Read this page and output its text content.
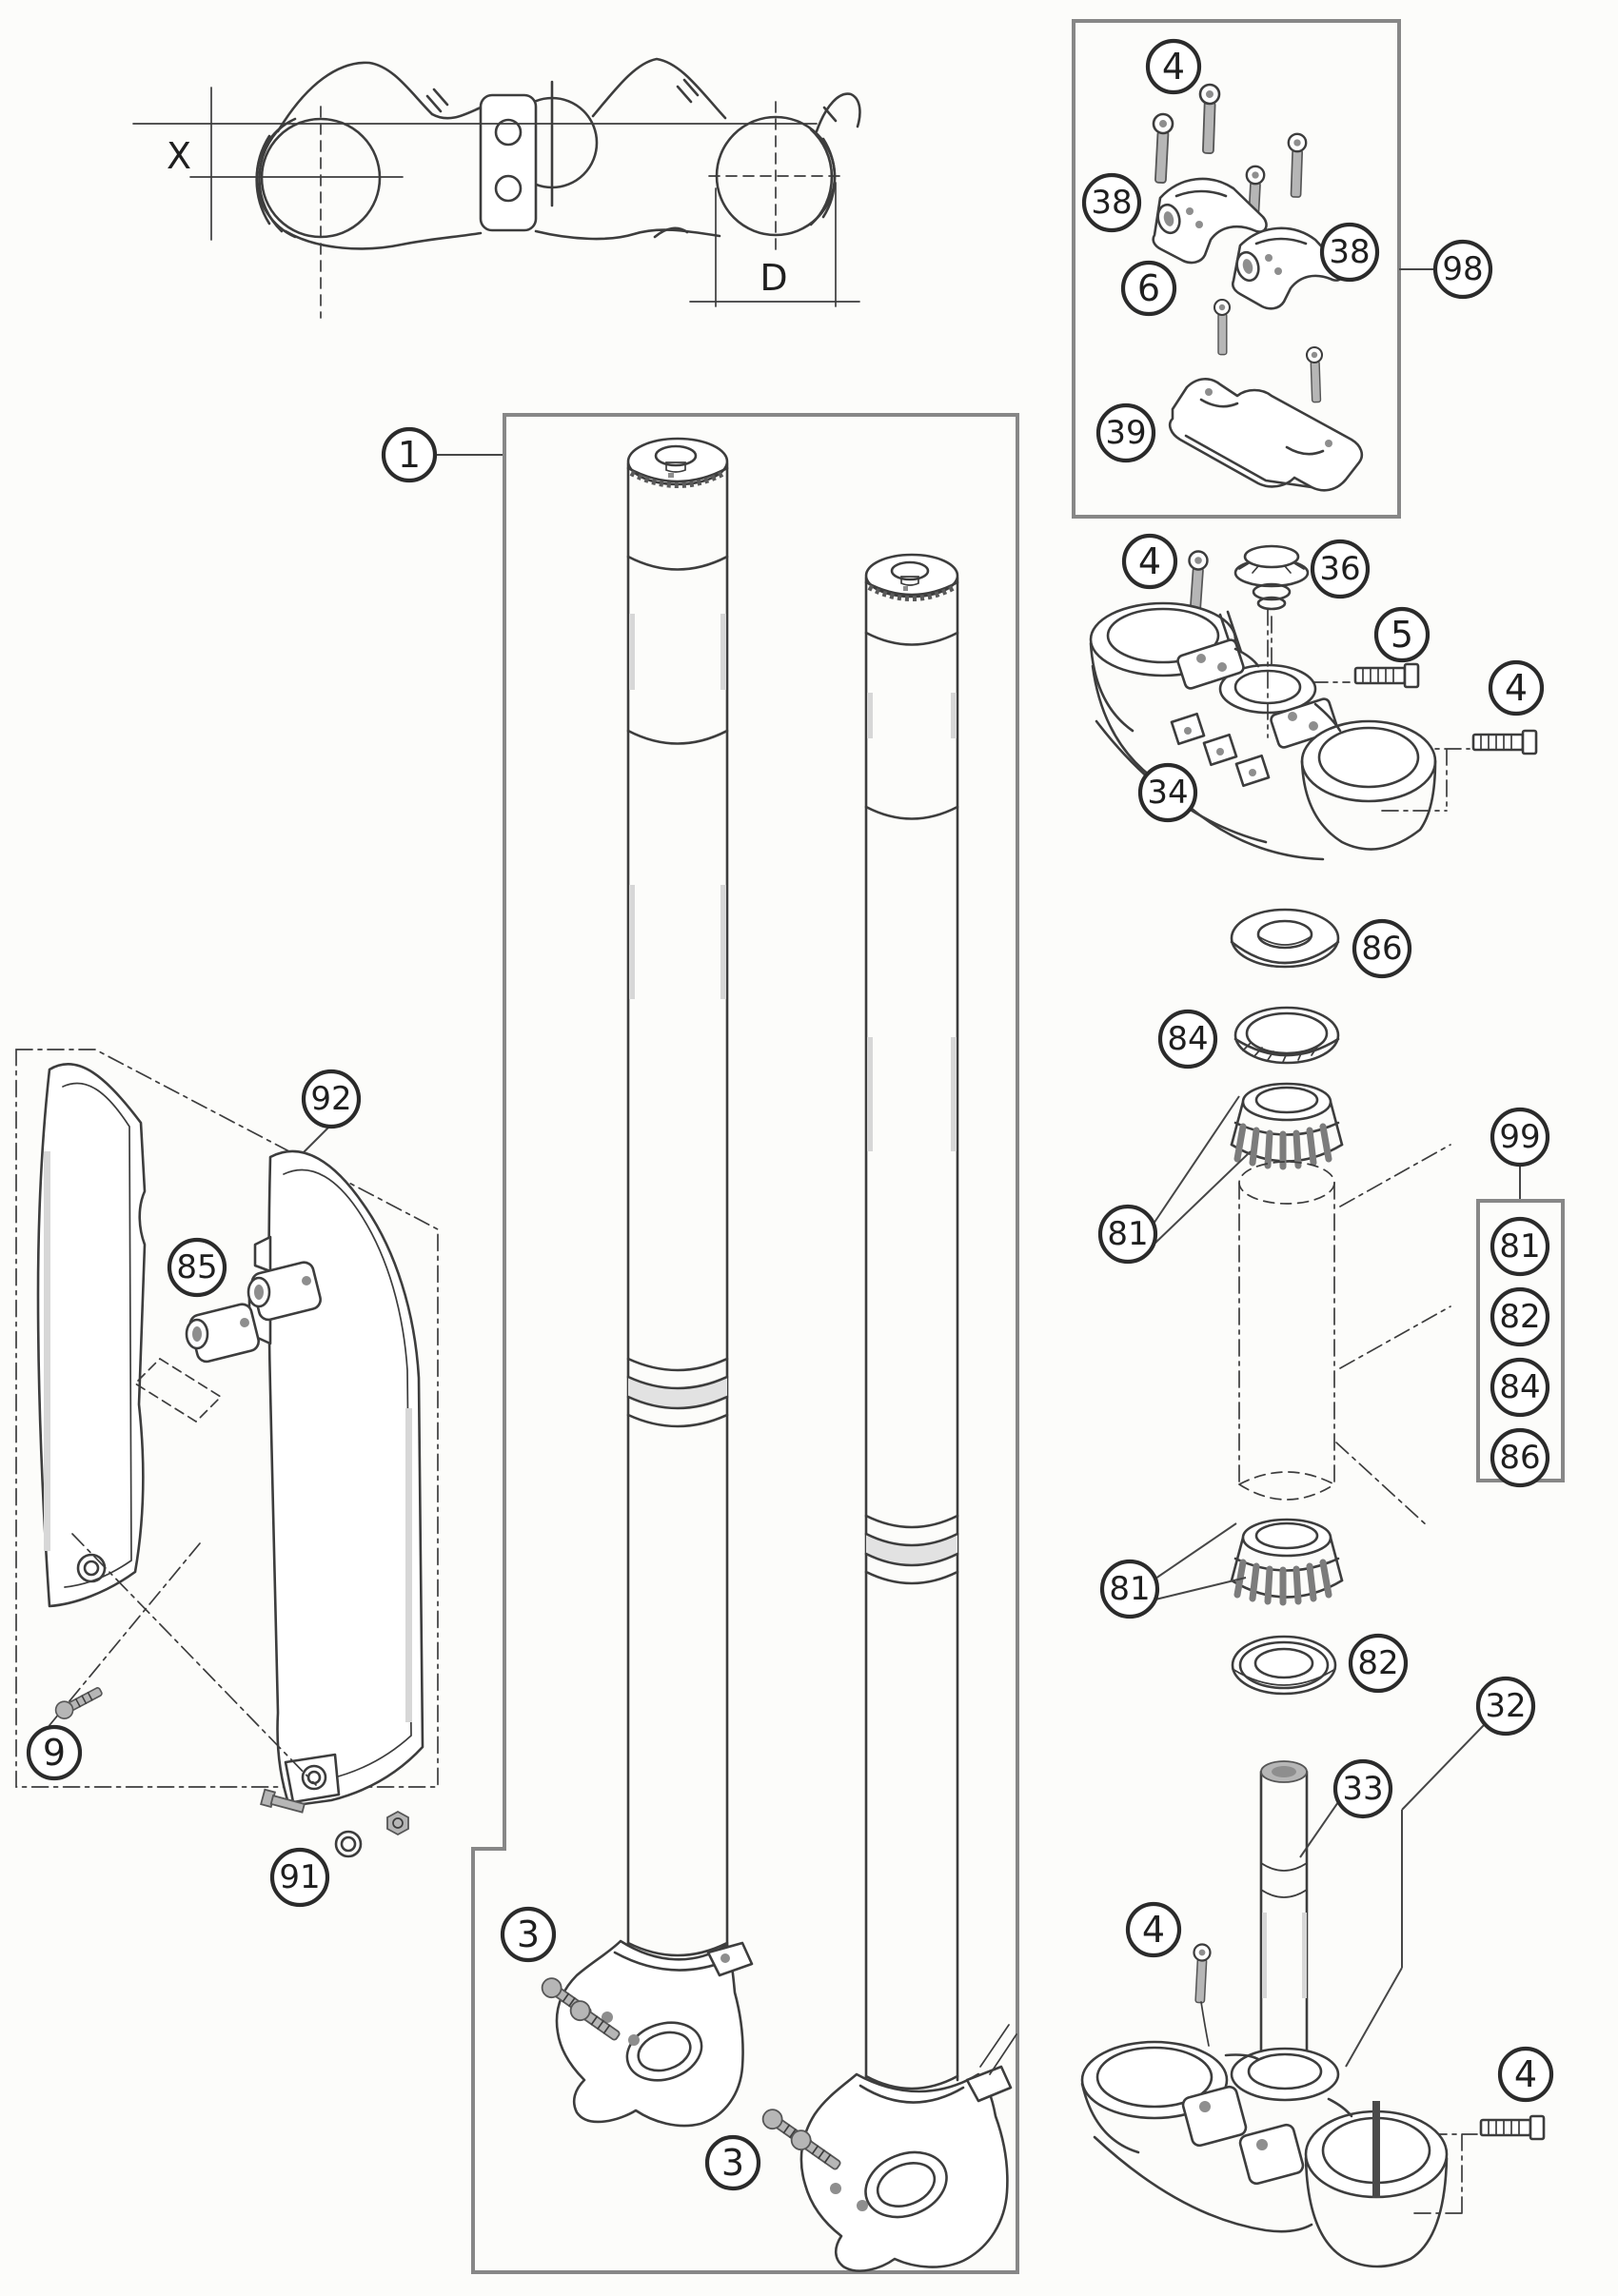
X
D
1
3
3
4
4
4
4
4
5
6
9
32
33
34
36
38
38
39
81
81
82
84
85
86
91
92
98
99
81
82
84
86
